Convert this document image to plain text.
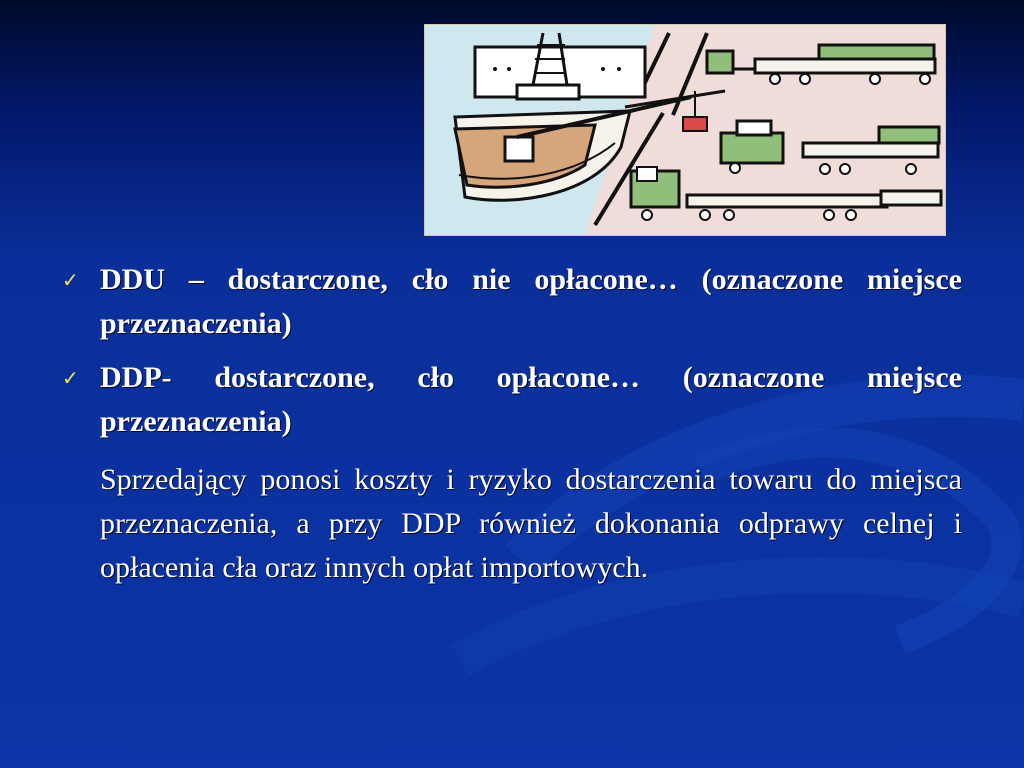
✓ DDU – dostarczone, cło nie opłacone… (oznaczone miejsce przeznaczenia)
✓ DDP- dostarczone, cło opłacone… (oznaczone miejsce przeznaczenia)
Sprzedający ponosi koszty i ryzyko dostarczenia towaru do miejsca przeznaczenia, a przy DDP również dokonania odprawy celnej i opłacenia cła oraz innych opłat importowych.
